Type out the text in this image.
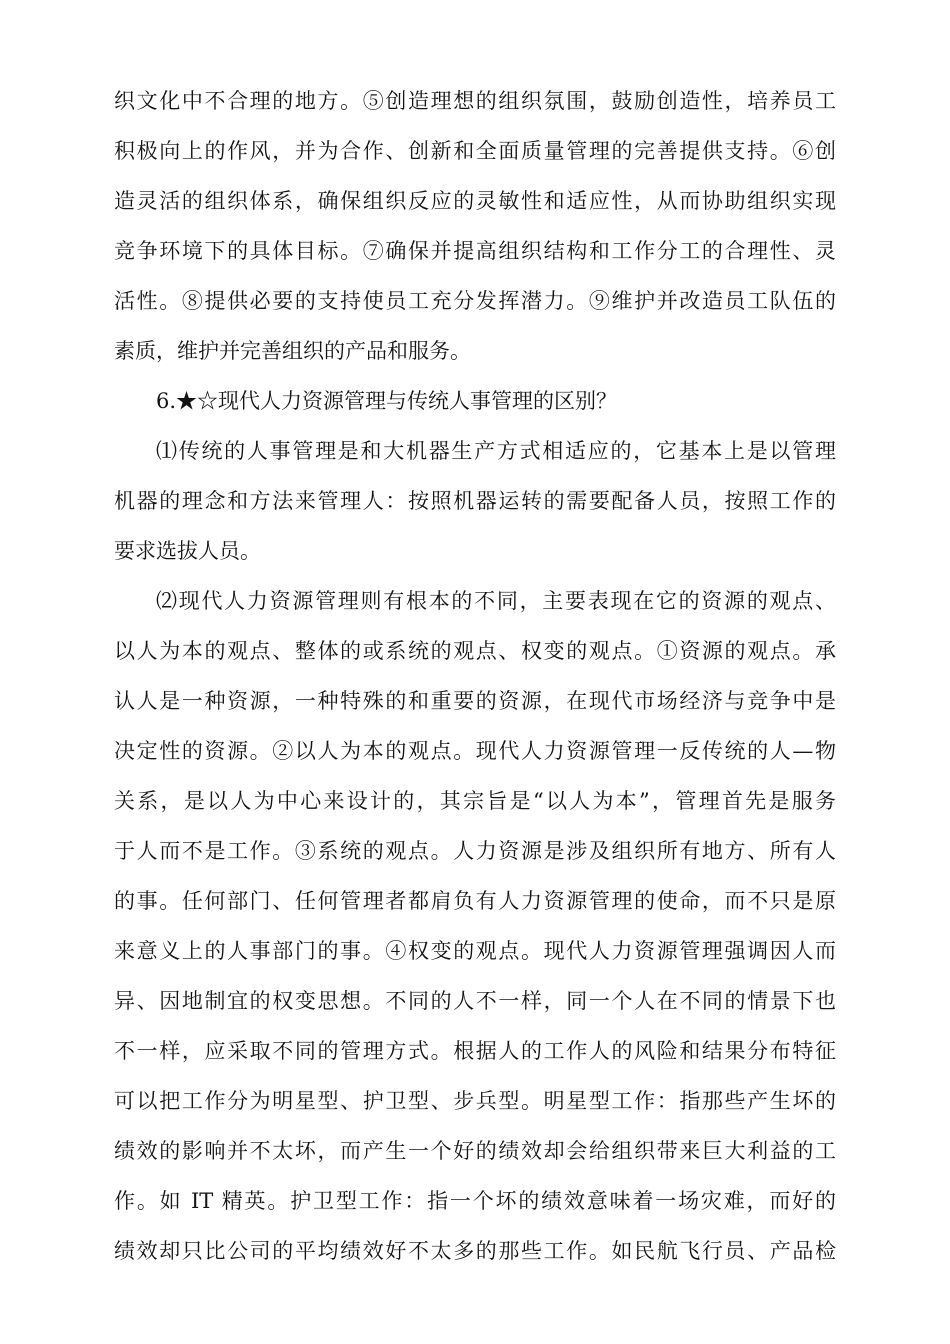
织文化中不合理的地方。⑤创造理想的组织氛围，鼓励创造性，培养员工
积极向上的作风，并为合作、创新和全面质量管理的完善提供支持。⑥创
造灵活的组织体系，确保组织反应的灵敏性和适应性，从而协助组织实现
竞争环境下的具体目标。⑦确保并提高组织结构和工作分工的合理性、灵
活性。⑧提供必要的支持使员工充分发挥潜力。⑨维护并改造员工队伍的
素质，维护并完善组织的产品和服务。
6.★☆现代人力资源管理与传统人事管理的区别？
⑴传统的人事管理是和大机器生产方式相适应的，它基本上是以管理
机器的理念和方法来管理人：按照机器运转的需要配备人员，按照工作的
要求选拔人员。
⑵现代人力资源管理则有根本的不同，主要表现在它的资源的观点、
以人为本的观点、整体的或系统的观点、权变的观点。①资源的观点。承
认人是一种资源，一种特殊的和重要的资源，在现代市场经济与竞争中是
决定性的资源。②以人为本的观点。现代人力资源管理一反传统的人—物
关系，是以人为中心来设计的，其宗旨是“以人为本”，管理首先是服务
于人而不是工作。③系统的观点。人力资源是涉及组织所有地方、所有人
的事。任何部门、任何管理者都肩负有人力资源管理的使命，而不只是原
来意义上的人事部门的事。④权变的观点。现代人力资源管理强调因人而
异、因地制宜的权变思想。不同的人不一样，同一个人在不同的情景下也
不一样，应采取不同的管理方式。根据人的工作人的风险和结果分布特征
可以把工作分为明星型、护卫型、步兵型。明星型工作：指那些产生坏的
绩效的影响并不太坏，而产生一个好的绩效却会给组织带来巨大利益的工
作。如 IT 精英。护卫型工作：指一个坏的绩效意味着一场灾难，而好的
绩效却只比公司的平均绩效好不太多的那些工作。如民航飞行员、产品检
